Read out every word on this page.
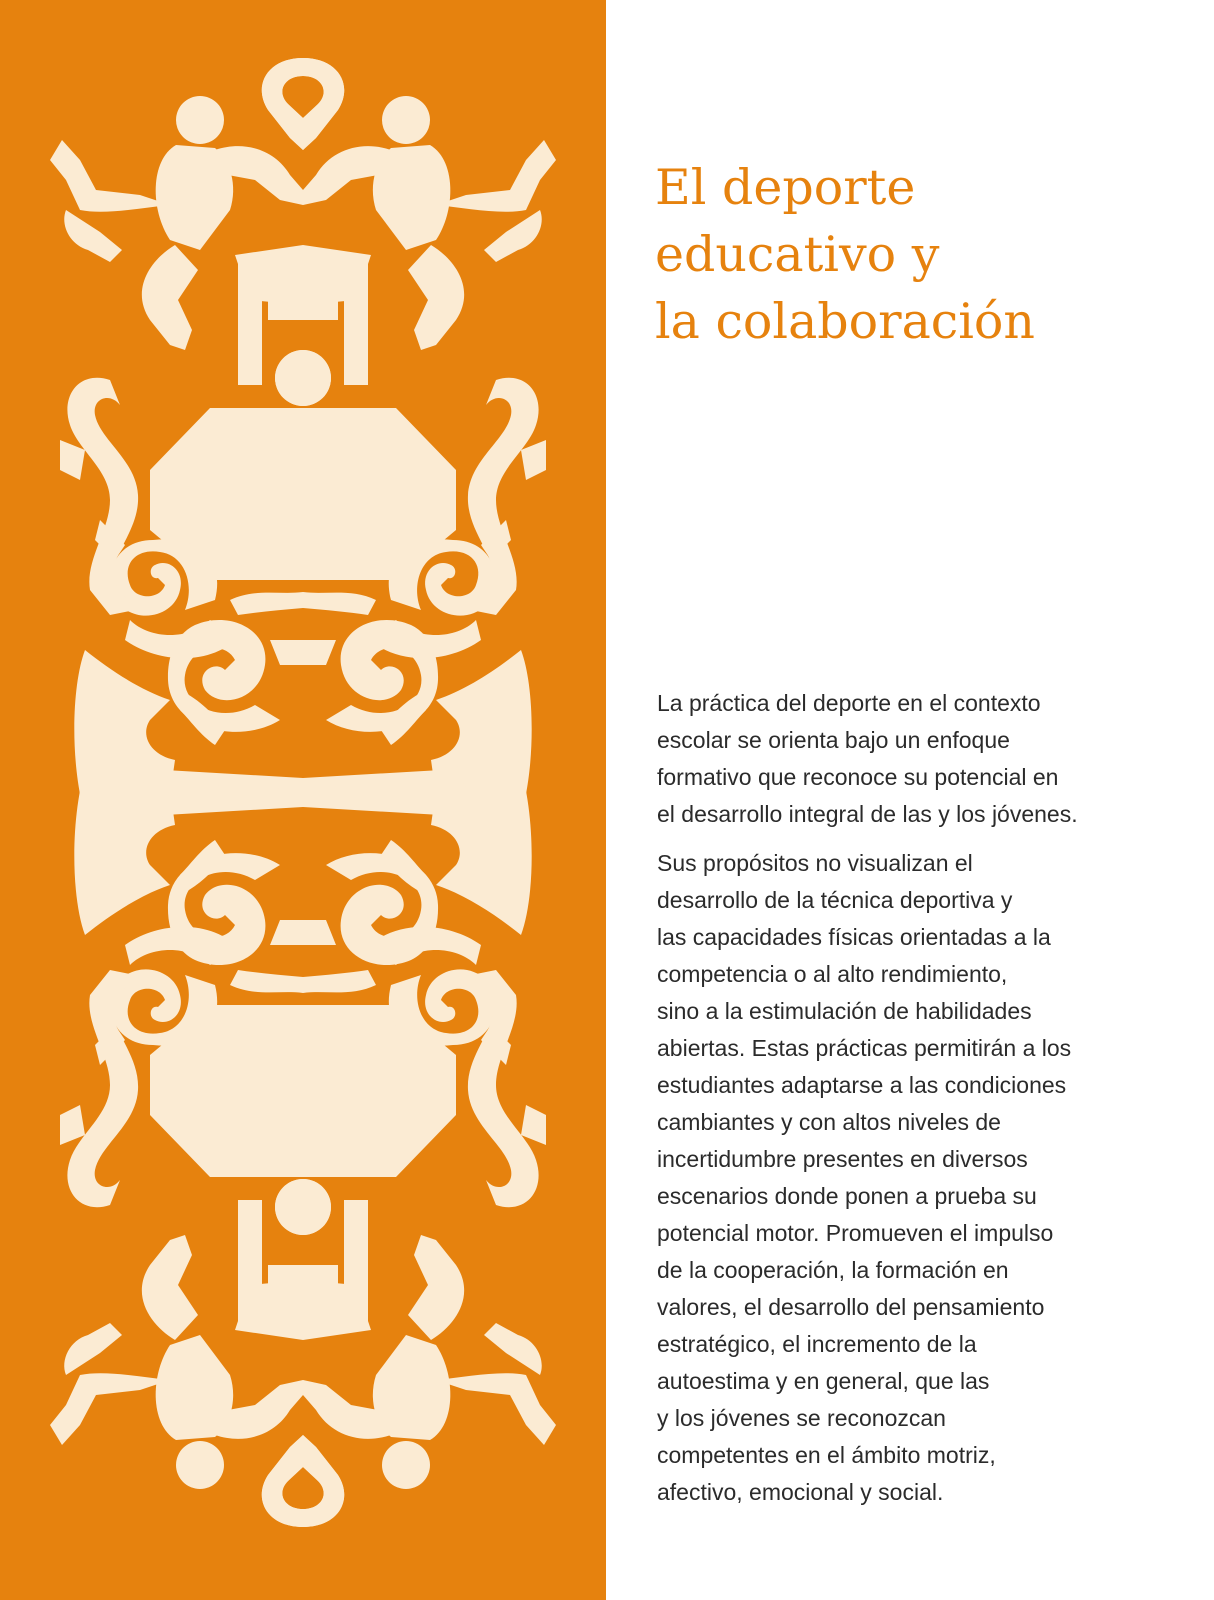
El deporte
educativo y
la colaboración

La práctica del deporte en el contexto
escolar se orienta bajo un enfoque
formativo que reconoce su potencial en
el desarrollo integral de las y los jóvenes.

Sus propósitos no visualizan el
desarrollo de la técnica deportiva y
las capacidades físicas orientadas a la
competencia o al alto rendimiento,
sino a la estimulación de habilidades
abiertas. Estas prácticas permitirán a los
estudiantes adaptarse a las condiciones
cambiantes y con altos niveles de
incertidumbre presentes en diversos
escenarios donde ponen a prueba su
potencial motor. Promueven el impulso
de la cooperación, la formación en
valores, el desarrollo del pensamiento
estratégico, el incremento de la
autoestima y en general, que las
y los jóvenes se reconozcan
competentes en el ámbito motriz,
afectivo, emocional y social.
